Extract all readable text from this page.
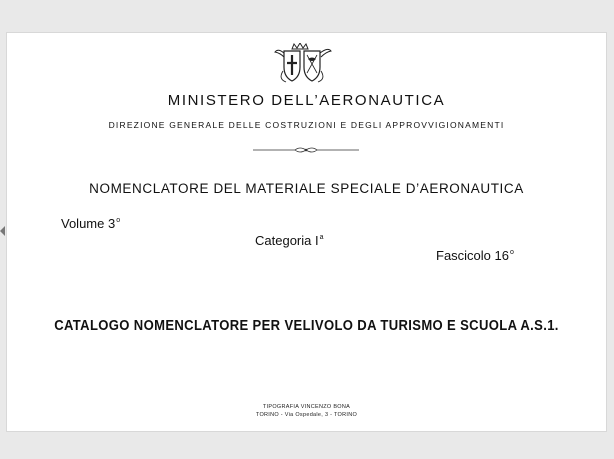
MINISTERO DELL’AERONAUTICA
DIREZIONE GENERALE DELLE COSTRUZIONI E DEGLI APPROVVIGIONAMENTI
NOMENCLATORE DEL MATERIALE SPECIALE D’AERONAUTICA
Volume 3$^o$
Categoria $I^a$
Fascicolo 16$^o$
CATALOGO NOMENCLATORE PER VELIVOLO DA TURISMO E SCUOLA A.S.1.
TIPOGRAFIA VINCENZO BONA
TORINO - Via Ospedale, 3 - TORINO
